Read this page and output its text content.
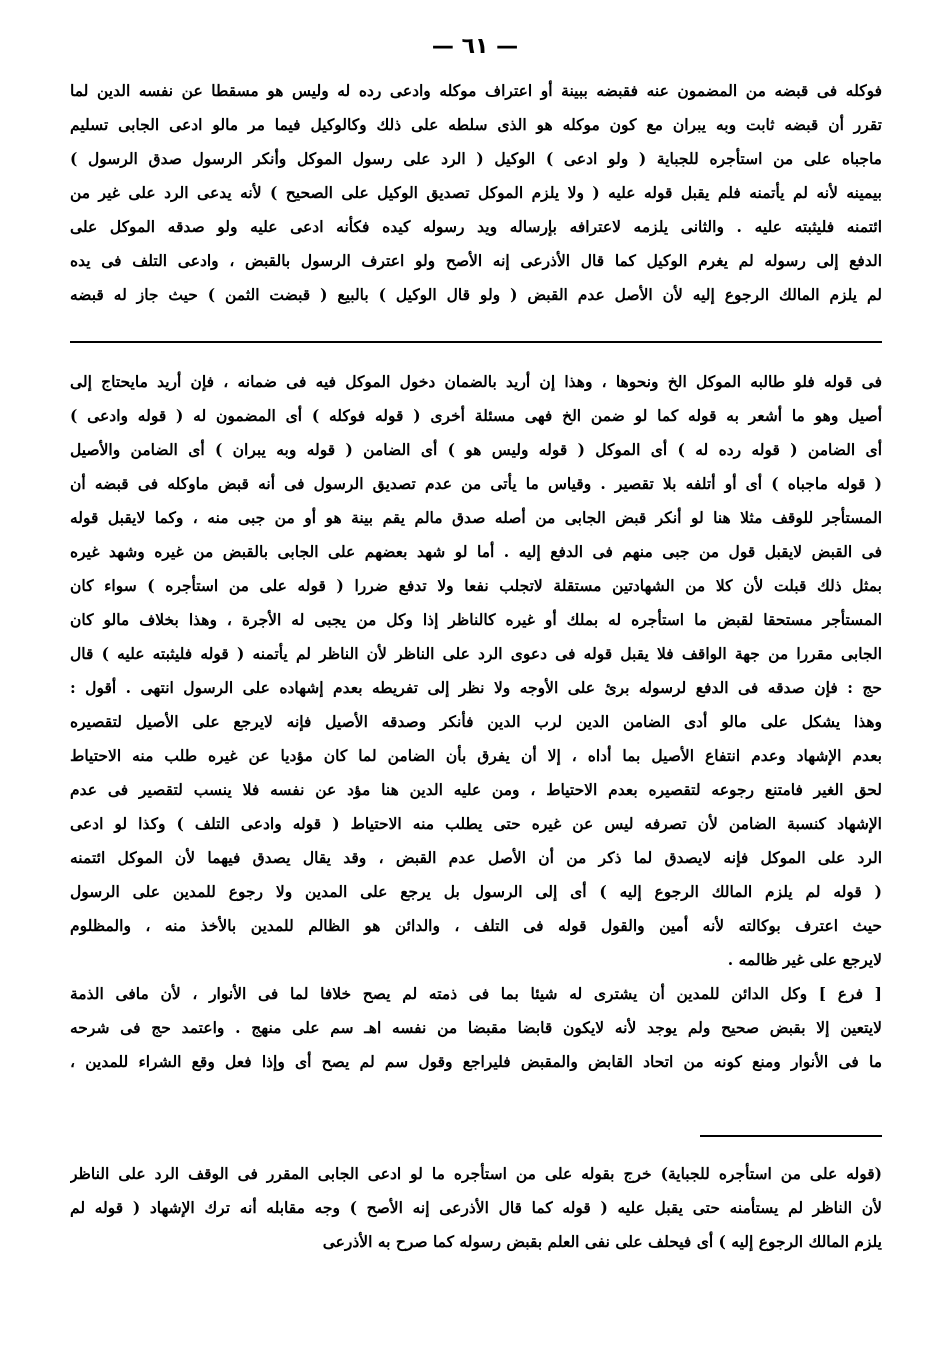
— ٦١ —
فوكله فى قبضه من المضمون عنه فقبضه ببينة أو اعتراف موكله وادعى رده له وليس هو مسقطا عن نفسه الدين لما
تقرر أن قبضه ثابت وبه يبران مع كون موكله هو الذى سلطه على ذلك وكالوكيل فيما مر مالو ادعى الجابى تسليم
ماجباه على من استأجره للجباية ( ولو ادعى ) الوكيل ( الرد على رسول الموكل وأنكر الرسول صدق الرسول )
بيمينه لأنه لم يأتمنه فلم يقبل قوله عليه ( ولا يلزم الموكل تصديق الوكيل على الصحيح ) لأنه يدعى الرد على غير من
ائتمنه فليثبته عليه . والثانى يلزمه لاعترافه بإرساله ويد رسوله كيده فكأنه ادعى عليه ولو صدقه الموكل على
الدفع إلى رسوله لم يغرم الوكيل كما قال الأذرعى إنه الأصح ولو اعترف الرسول بالقبض ، وادعى التلف فى يده
لم يلزم المالك الرجوع إليه لأن الأصل عدم القبض ( ولو قال الوكيل ) بالبيع ( قبضت الثمن ) حيث جاز له قبضه
فى قوله فلو طالبه الموكل الخ ونحوها ، وهذا إن أريد بالضمان دخول الموكل فيه فى ضمانه ، فإن أريد مايحتاج إلى
أصيل وهو ما أشعر به قوله كما لو ضمن الخ فهى مسئلة أخرى ( قوله فوكله ) أى المضمون له ( قوله وادعى )
أى الضامن ( قوله رده له ) أى الموكل ( قوله وليس هو ) أى الضامن ( قوله وبه يبران ) أى الضامن والأصيل
( قوله ماجباه ) أى أو أتلفه بلا تقصير . وقياس ما يأتى من عدم تصديق الرسول فى أنه قبض ماوكله فى قبضه أن
المستأجر للوقف مثلا هنا لو أنكر قبض الجابى من أصله صدق مالم يقم بينة هو أو من جبى منه ، وكما لايقبل قوله
فى القبض لايقبل قول من جبى منهم فى الدفع إليه . أما لو شهد بعضهم على الجابى بالقبض من غيره وشهد غيره
بمثل ذلك قبلت لأن كلا من الشهادتين مستقلة لاتجلب نفعا ولا تدفع ضررا ( قوله على من استأجره ) سواء كان
المستأجر مستحقا لقبض ما استأجره له بملك أو غيره كالناظر إذا وكل من يجبى له الأجرة ، وهذا بخلاف مالو كان
الجابى مقررا من جهة الواقف فلا يقبل قوله فى دعوى الرد على الناظر لأن الناظر لم يأتمنه ( قوله فليثبته عليه ) قال
حج : فإن صدقه فى الدفع لرسوله برئ على الأوجه ولا نظر إلى تفريطه بعدم إشهاده على الرسول انتهى . أقول :
وهذا يشكل على مالو أدى الضامن الدين لرب الدين فأنكر وصدقه الأصيل فإنه لايرجع على الأصيل لتقصيره
بعدم الإشهاد وعدم انتفاع الأصيل بما أداه ، إلا أن يفرق بأن الضامن لما كان مؤديا عن غيره طلب منه الاحتياط
لحق الغير فامتنع رجوعه لتقصيره بعدم الاحتياط ، ومن عليه الدين هنا مؤد عن نفسه فلا ينسب لتقصير فى عدم
الإشهاد كنسبة الضامن لأن تصرفه ليس عن غيره حتى يطلب منه الاحتياط ( قوله وادعى التلف ) وكذا لو ادعى
الرد على الموكل فإنه لايصدق لما ذكر من أن الأصل عدم القبض ، وقد يقال يصدق فيهما لأن الموكل ائتمنه
( قوله لم يلزم المالك الرجوع إليه ) أى إلى الرسول بل يرجع على المدين ولا رجوع للمدين على الرسول
حيث اعترف بوكالته لأنه أمين والقول قوله فى التلف ، والدائن هو الظالم للمدين بالأخذ منه ، والمظلوم
لايرجع على غير ظالمه .
[ فرع ] وكل الدائن للمدين أن يشترى له شيئا بما فى ذمته لم يصح خلافا لما فى الأنوار ، لأن مافى الذمة
لايتعين إلا بقبض صحيح ولم يوجد لأنه لايكون قابضا مقبضا من نفسه اهـ سم على منهج . واعتمد حج فى شرحه
ما فى الأنوار ومنع كونه من اتحاد القابض والمقبض فليراجع وقول سم لم يصح أى وإذا فعل وقع الشراء للمدين ،
(قوله على من استأجره للجباية) خرج بقوله على من استأجره ما لو ادعى الجابى المقرر فى الوقف الرد على الناظر
لأن الناظر لم يستأمنه حتى يقبل عليه ( قوله كما قال الأذرعى إنه الأصح ) وجه مقابله أنه ترك الإشهاد ( قوله لم
يلزم المالك الرجوع إليه ) أى فيحلف على نفى العلم بقبض رسوله كما صرح به الأذرعى
